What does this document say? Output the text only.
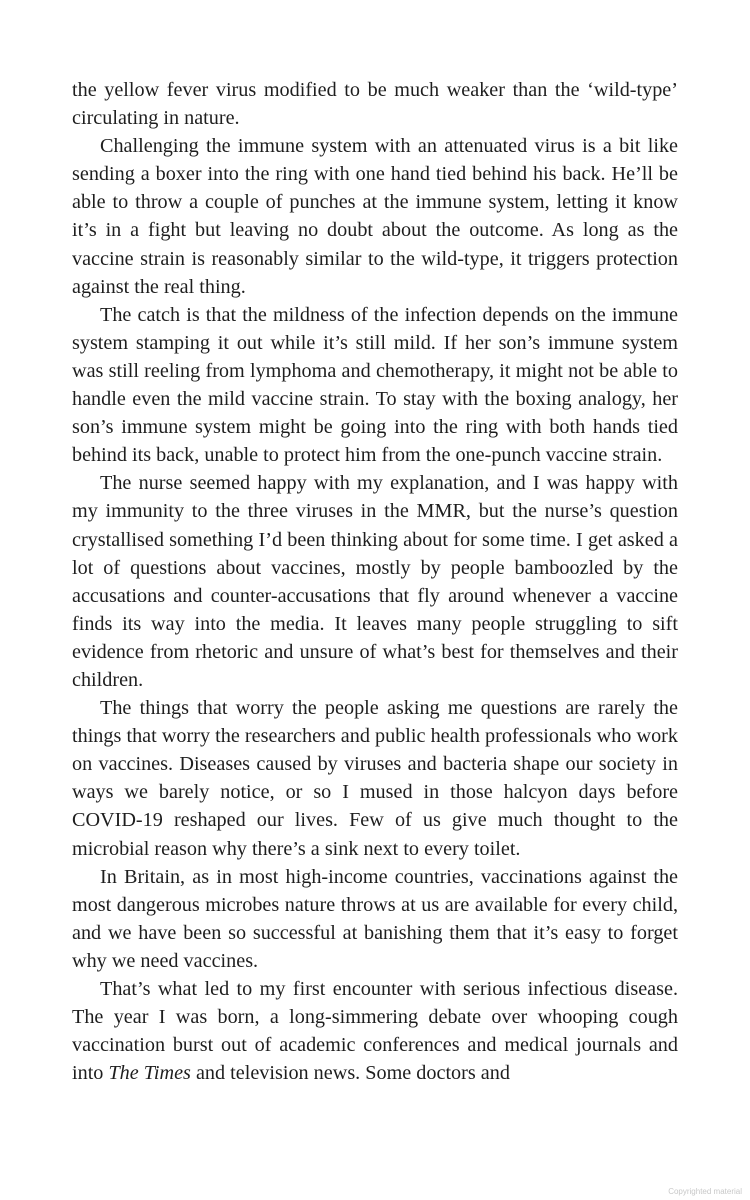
the yellow fever virus modified to be much weaker than the ‘wild-type’ circulating in nature.

Challenging the immune system with an attenuated virus is a bit like sending a boxer into the ring with one hand tied behind his back. He’ll be able to throw a couple of punches at the immune system, letting it know it’s in a fight but leaving no doubt about the outcome. As long as the vaccine strain is reasonably similar to the wild-type, it triggers protection against the real thing.

The catch is that the mildness of the infection depends on the immune system stamping it out while it’s still mild. If her son’s immune system was still reeling from lymphoma and chemotherapy, it might not be able to handle even the mild vaccine strain. To stay with the boxing analogy, her son’s immune system might be going into the ring with both hands tied behind its back, unable to protect him from the one-punch vaccine strain.

The nurse seemed happy with my explanation, and I was happy with my immunity to the three viruses in the MMR, but the nurse’s question crystallised something I’d been thinking about for some time. I get asked a lot of questions about vaccines, mostly by people bamboozled by the accusations and counter-accusations that fly around whenever a vaccine finds its way into the media. It leaves many people struggling to sift evidence from rhetoric and unsure of what’s best for themselves and their children.

The things that worry the people asking me questions are rarely the things that worry the researchers and public health professionals who work on vaccines. Diseases caused by viruses and bacteria shape our society in ways we barely notice, or so I mused in those halcyon days before COVID-19 reshaped our lives. Few of us give much thought to the microbial reason why there’s a sink next to every toilet.

In Britain, as in most high-income countries, vaccinations against the most dangerous microbes nature throws at us are available for every child, and we have been so successful at banishing them that it’s easy to forget why we need vaccines.

That’s what led to my first encounter with serious infectious disease. The year I was born, a long-simmering debate over whooping cough vaccination burst out of academic conferences and medical journals and into The Times and television news. Some doctors and

Copyrighted material
